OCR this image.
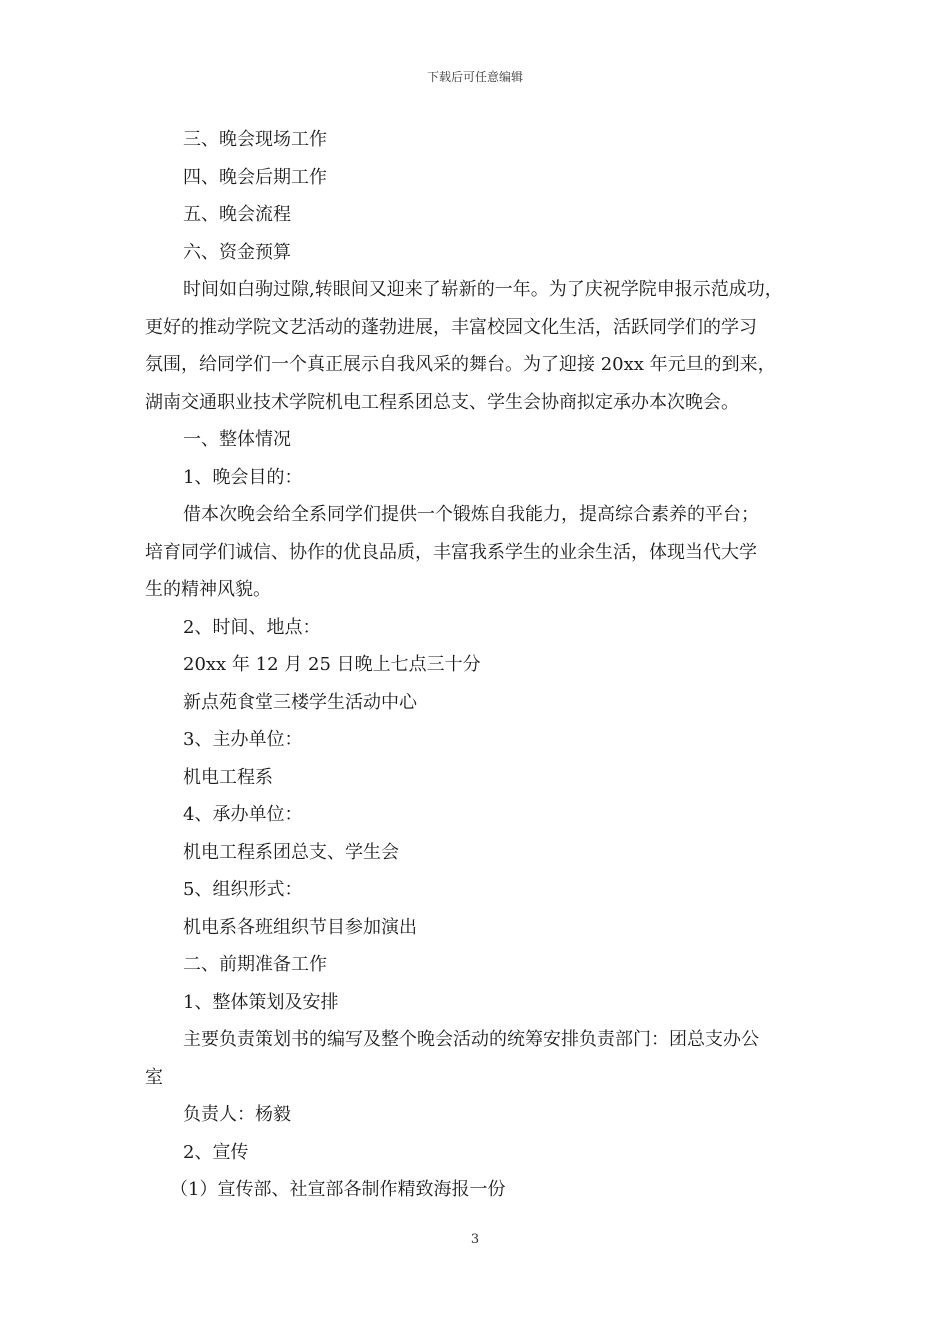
下载后可任意编辑
三、晚会现场工作
四、晚会后期工作
五、晚会流程
六、资金预算
时间如白驹过隙,转眼间又迎来了崭新的一年。为了庆祝学院申报示范成功，
更好的推动学院文艺活动的蓬勃进展，丰富校园文化生活，活跃同学们的学习
氛围，给同学们一个真正展示自我风采的舞台。为了迎接 20xx 年元旦的到来，
湖南交通职业技术学院机电工程系团总支、学生会协商拟定承办本次晚会。
一、整体情况
1、晚会目的：
借本次晚会给全系同学们提供一个锻炼自我能力，提高综合素养的平台；
培育同学们诚信、协作的优良品质，丰富我系学生的业余生活，体现当代大学
生的精神风貌。
2、时间、地点：
20xx 年 12 月 25 日晚上七点三十分
新点苑食堂三楼学生活动中心
3、主办单位：
机电工程系
4、承办单位：
机电工程系团总支、学生会
5、组织形式：
机电系各班组织节目参加演出
二、前期准备工作
1、整体策划及安排
主要负责策划书的编写及整个晚会活动的统筹安排负责部门：团总支办公
室
负责人：杨毅
2、宣传
（1）宣传部、社宣部各制作精致海报一份
3
